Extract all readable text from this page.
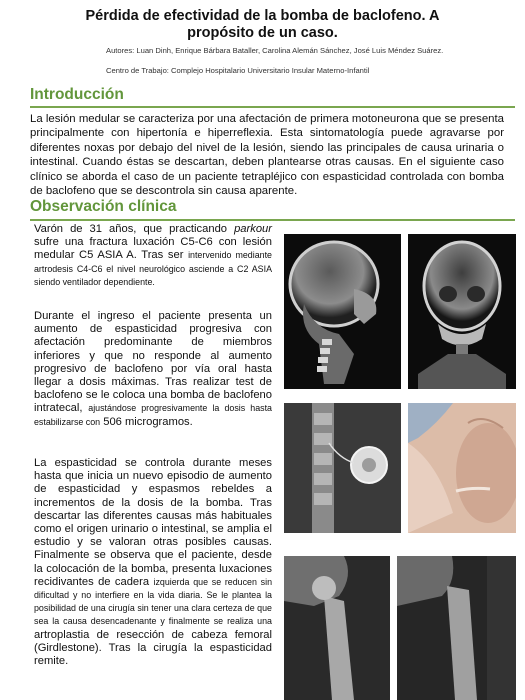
Pérdida de efectividad de la bomba de baclofeno. A
propósito de un caso.
Autores: Luan Dinh, Enrique Bárbara Bataller, Carolina Alemán Sánchez, José Luis Méndez Suárez.
Centro de Trabajo: Complejo Hospitalario Universitario Insular Materno-Infantil
Introducción
La lesión medular se caracteriza por una afectación de primera motoneurona que se presenta principalmente con hipertonía e hiperreflexia. Esta sintomatología puede agravarse por diferentes noxas por debajo del nivel de la lesión, siendo las principales de causa urinaria o intestinal. Cuando éstas se descartan, deben plantearse otras causas. En el siguiente caso clínico se aborda el caso de un paciente tetrapléjico con espasticidad controlada con bomba de baclofeno que se descontrola sin causa aparente.
Observación clínica
Varón de 31 años, que practicando parkour sufre una fractura luxación C5-C6 con lesión medular C5 ASIA A. Tras ser intervenido mediante artrodesis C4-C6 el nivel neurológico asciende a C2 ASIA siendo ventilador dependiente.
Durante el ingreso el paciente presenta un aumento de espasticidad progresiva con afectación predominante de miembros inferiores y que no responde al aumento progresivo de baclofeno por vía oral hasta llegar a dosis máximas. Tras realizar test de baclofeno se le coloca una bomba de baclofeno intratecal, ajustándose progresivamente la dosis hasta estabilizarse con 506 microgramos.
La espasticidad se controla durante meses hasta que inicia un nuevo episodio de aumento de espasticidad y espasmos rebeldes a incrementos de la dosis de la bomba. Tras descartar las diferentes causas más habituales como el origen urinario o intestinal, se amplia el estudio y se valoran otras posibles causas. Finalmente se observa que el paciente, desde la colocación de la bomba, presenta luxaciones recidivantes de cadera izquierda que se reducen sin dificultad y no interfiere en la vida diaria. Se le plantea la posibilidad de una cirugía sin tener una clara certeza de que sea la causa desencadenante y finalmente se realiza una artroplastia de resección de cabeza femoral (Girdlestone). Tras la cirugía la espasticidad remite.
